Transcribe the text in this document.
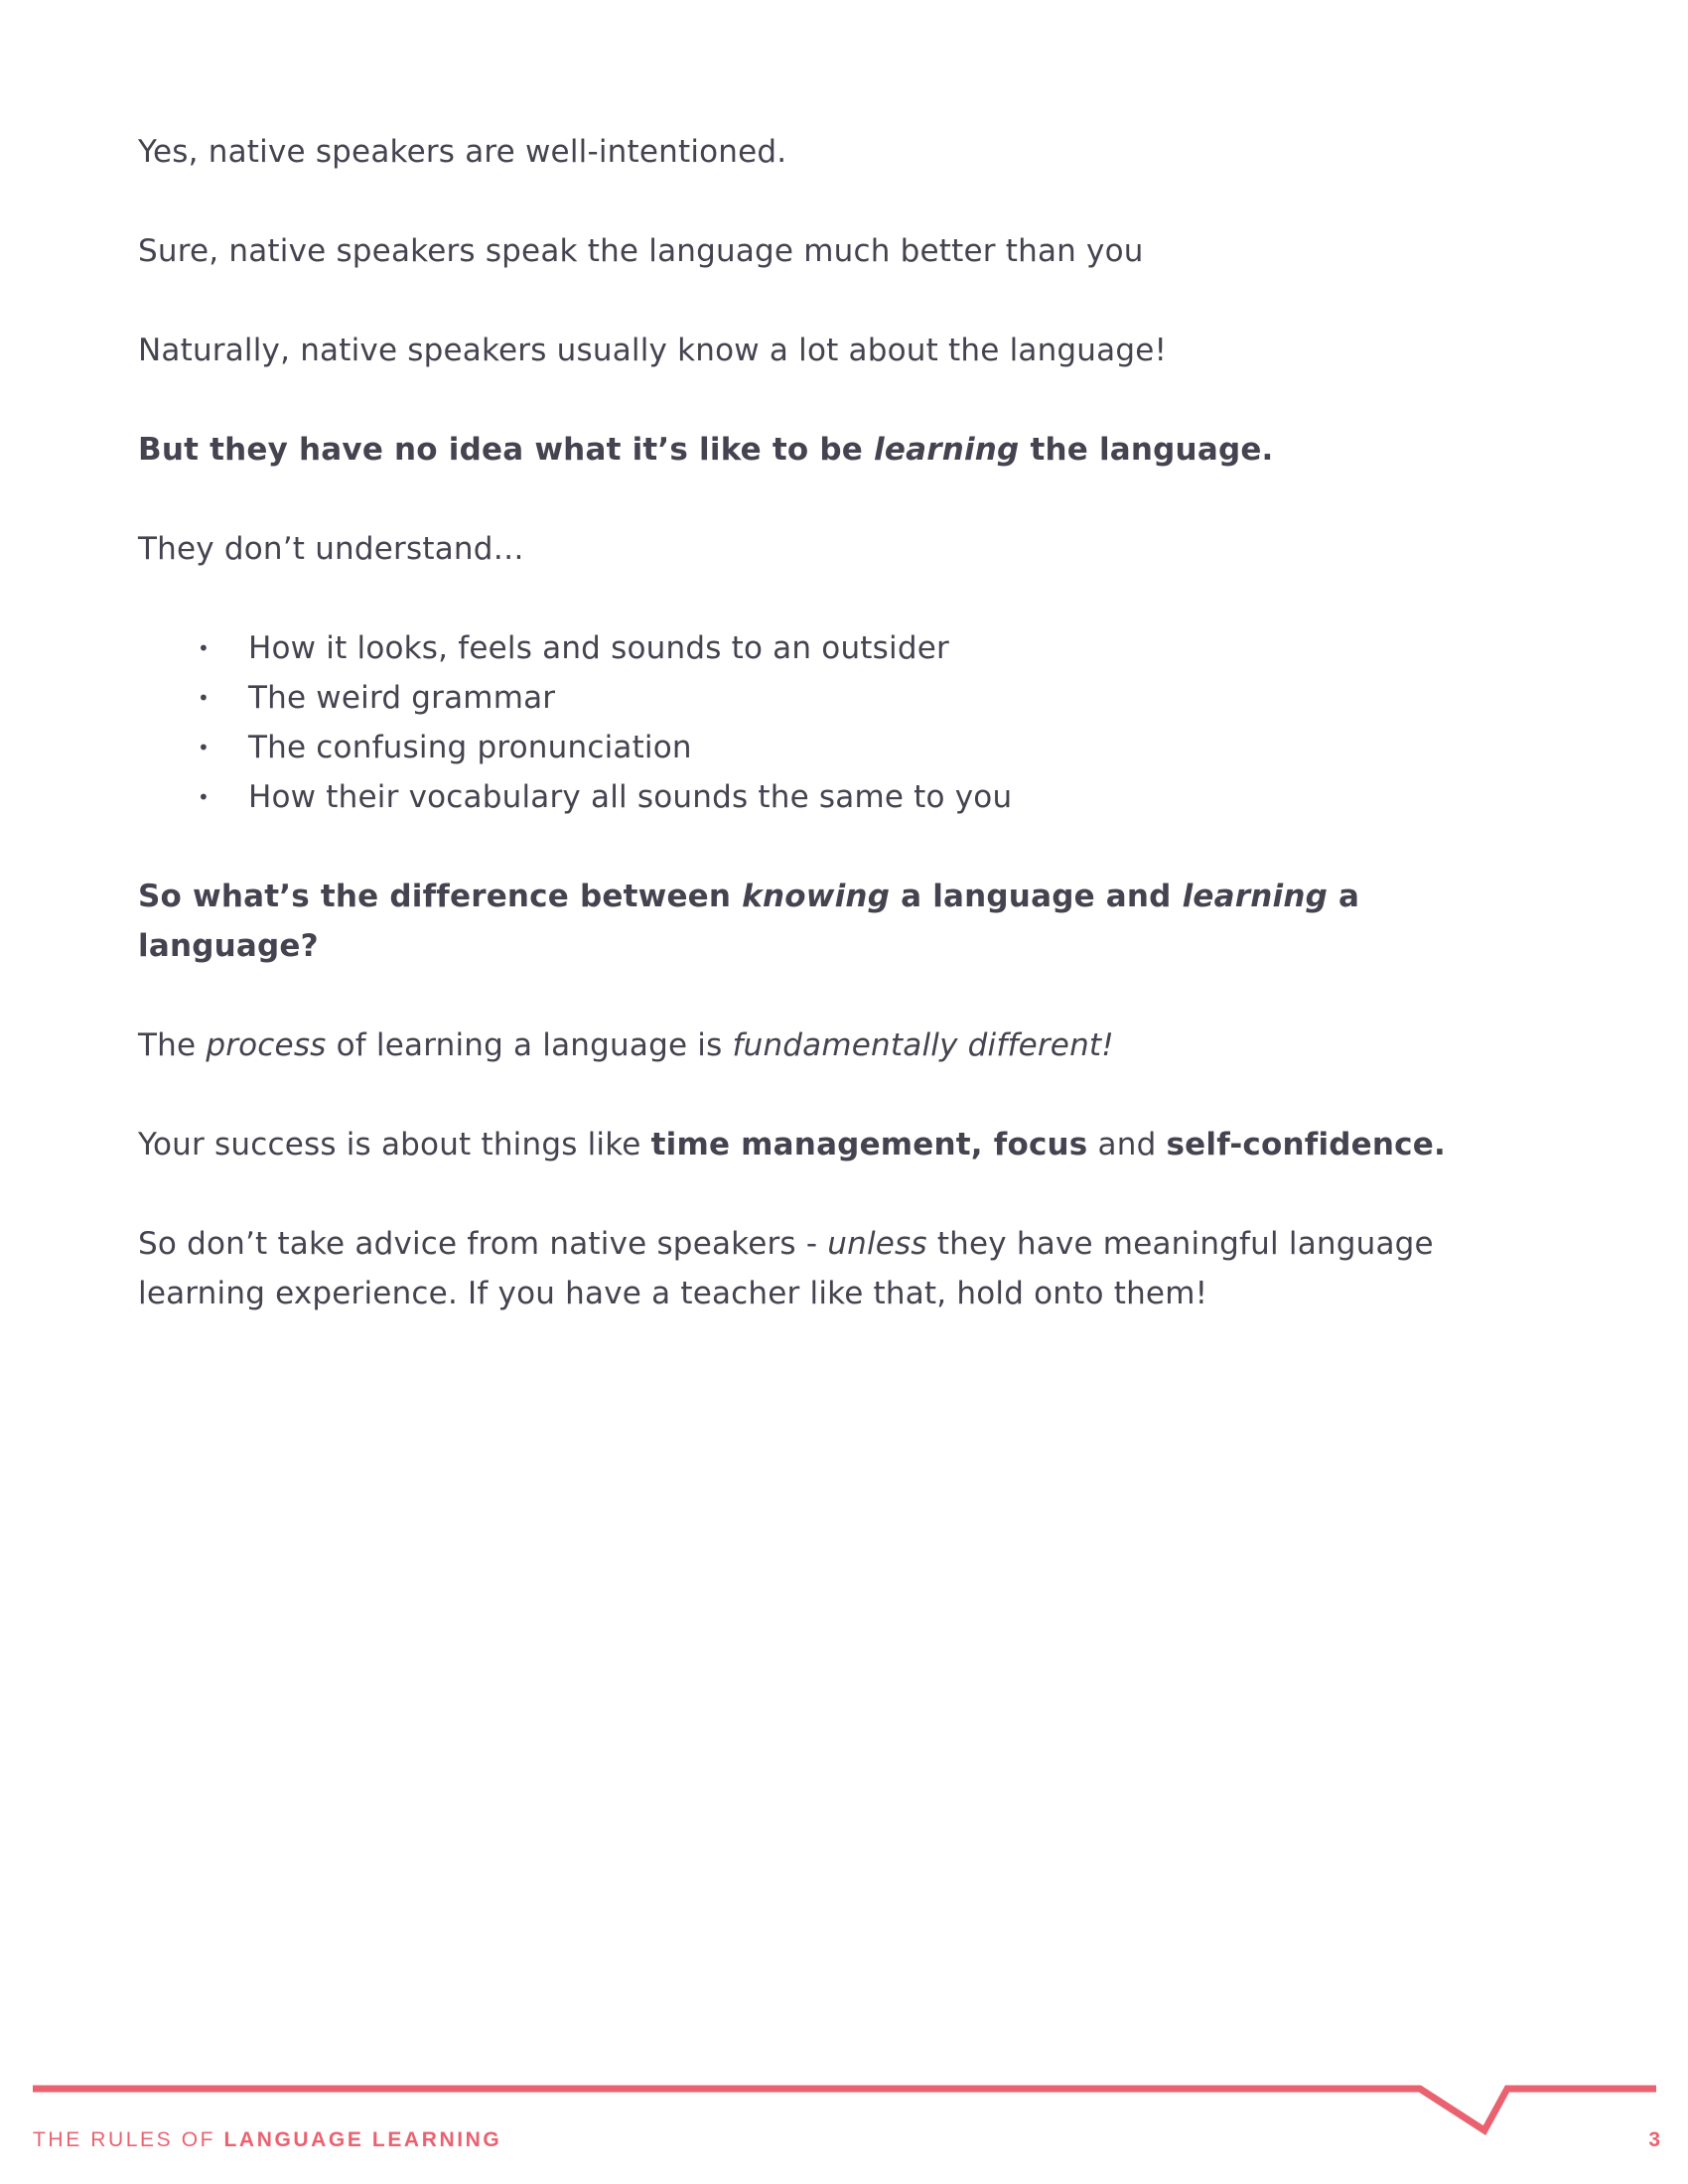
Yes, native speakers are well-intentioned.

Sure, native speakers speak the language much better than you

Naturally, native speakers usually know a lot about the language!

But they have no idea what it’s like to be learning the language.

They don’t understand…

• How it looks, feels and sounds to an outsider
• The weird grammar
• The confusing pronunciation
• How their vocabulary all sounds the same to you

So what’s the difference between knowing a language and learning a language?

The process of learning a language is fundamentally different!

Your success is about things like time management, focus and self-confidence.

So don’t take advice from native speakers - unless they have meaningful language learning experience. If you have a teacher like that, hold onto them!

THE RULES OF LANGUAGE LEARNING	3
